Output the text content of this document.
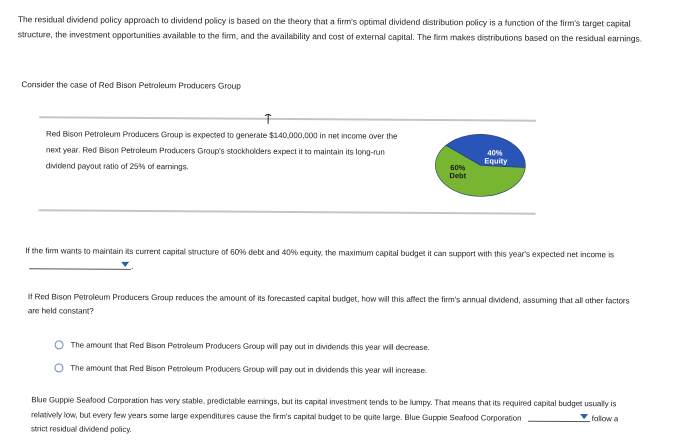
The residual dividend policy approach to dividend policy is based on the theory that a firm's optimal dividend distribution policy is a function of the firm's target capital structure, the investment opportunities available to the firm, and the availability and cost of external capital. The firm makes distributions based on the residual earnings.
Consider the case of Red Bison Petroleum Producers Group
Red Bison Petroleum Producers Group is expected to generate $140,000,000 in net income over the next year. Red Bison Petroleum Producers Group's stockholders expect it to maintain its long-run dividend payout ratio of 25% of earnings.
40%
Equity
60%
Debt
If the firm wants to maintain its current capital structure of 60% debt and 40% equity, the maximum capital budget it can support with this year's expected net income is
.
If Red Bison Petroleum Producers Group reduces the amount of its forecasted capital budget, how will this affect the firm's annual dividend, assuming that all other factors are held constant?
The amount that Red Bison Petroleum Producers Group will pay out in dividends this year will decrease.
The amount that Red Bison Petroleum Producers Group will pay out in dividends this year will increase.
Blue Guppie Seafood Corporation has very stable, predictable earnings, but its capital investment tends to be lumpy. That means that its required capital budget usually is relatively low, but every few years some large expenditures cause the firm's capital budget to be quite large. Blue Guppie Seafood Corporation	follow a strict residual dividend policy.
